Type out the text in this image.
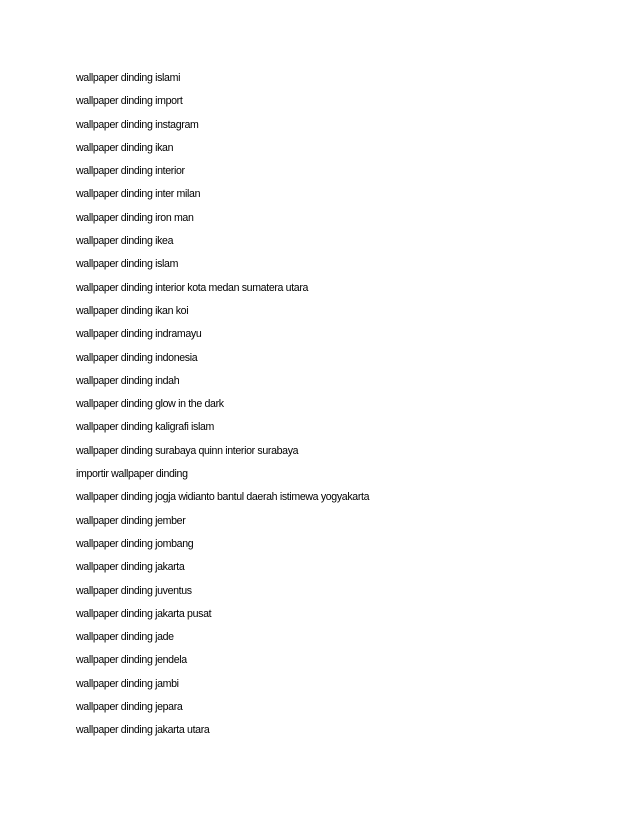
wallpaper dinding islami
wallpaper dinding import
wallpaper dinding instagram
wallpaper dinding ikan
wallpaper dinding interior
wallpaper dinding inter milan
wallpaper dinding iron man
wallpaper dinding ikea
wallpaper dinding islam
wallpaper dinding interior kota medan sumatera utara
wallpaper dinding ikan koi
wallpaper dinding indramayu
wallpaper dinding indonesia
wallpaper dinding indah
wallpaper dinding glow in the dark
wallpaper dinding kaligrafi islam
wallpaper dinding surabaya quinn interior surabaya
importir wallpaper dinding
wallpaper dinding jogja widianto bantul daerah istimewa yogyakarta
wallpaper dinding jember
wallpaper dinding jombang
wallpaper dinding jakarta
wallpaper dinding juventus
wallpaper dinding jakarta pusat
wallpaper dinding jade
wallpaper dinding jendela
wallpaper dinding jambi
wallpaper dinding jepara
wallpaper dinding jakarta utara
